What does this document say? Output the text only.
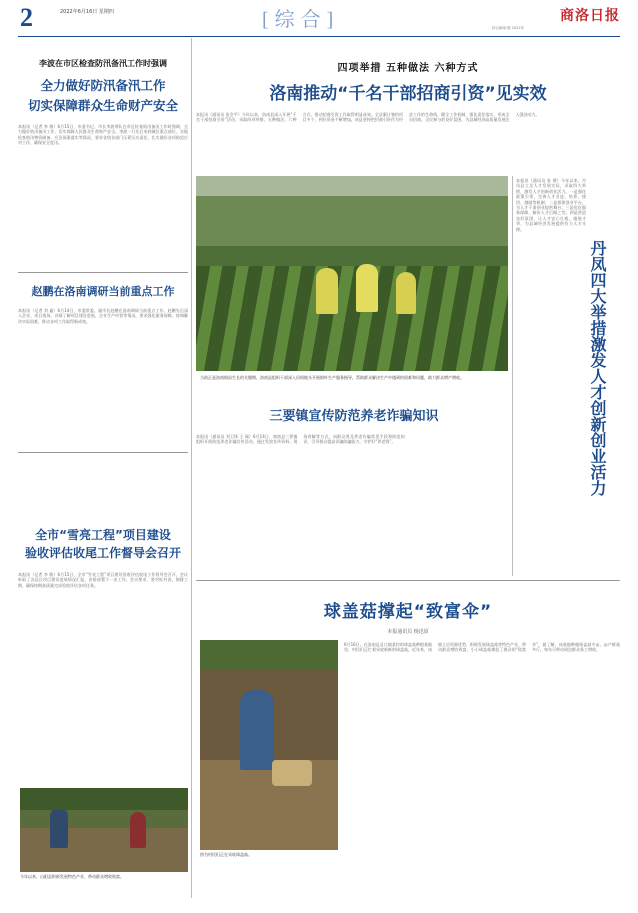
2	2022年6月16日 星期四
　　　　　　　　　　　　　　　　　　　　	[综合]	综合新闻·版 2022年
商洛日报
李波在市区检查防汛备汛工作时强调
全力做好防汛备汛工作
切实保障群众生命财产安全
本报讯（记者 李 敏）6月15日，市委书记、市长李波带队在市区检查防汛备汛工作时强调，全力做好防汛备汛工作，切实保障人民群众生命财产安全。李波一行先后来到城区重点部位，实地检查防汛物资储备、应急预案落实等情况，要求各级各部门压紧压实责任，扎实做好各项防范应对工作，确保安全度汛。
赵鹏在洛南调研当前重点工作
本报讯（记者 刘 鑫）6月14日，市委常委、副市长赵鹏在洛南调研当前重点工作。赵鹏先后深入企业、项目现场，详细了解项目建设进展、企业生产经营等情况，要求强化服务保障，协调解决实际困难，推动各项工作取得新成效。
全市“雪亮工程”项目建设
验收评估收尾工作督导会召开
本报讯（记者 李 敏）6月15日，全市“雪亮工程”项目建设验收评估收尾工作督导会召开，会议听取了各县区项目建设进展情况汇报，安排部署下一步工作。会议要求，要对标对表、倒排工期，确保按期高质量完成验收评估各项任务。
今年以来，山阳县积极发展特色产业，带动群众增收致富。
四项举措 五种做法 六种方式
洛南推动“千名干部招商引资”见实效
本报讯（通讯员 张会平）今年以来，洛南县深入开展“千名干部招商引资”活动，采取四项举措、五种做法、六种方式，推动招商引资工作取得明显成效。全县累计签约项目多个，到位资金不断增加。该县坚持把招商引资作为经济工作的生命线，健全工作机制，强化责任落实，形成全员招商、全民参与的良好氛围，为县域经济高质量发展注入强劲动力。
当前正是洛南烟苗生长的关键期，洛南县组织干部深入田间地头开展烟叶生产服务指导，帮助群众解决生产中遇到的困难和问题，助力群众增产增收。
本报讯（通讯员 张 赟）今年以来，丹凤县立足人才发展实际，采取四大举措，激发人才创新创业活力。一是强化政策引领，完善人才引进、培养、使用、激励等机制；二是搭建创业平台，为人才干事创业提供舞台；三是优化服务保障，解决人才后顾之忧；四是营造良好氛围，让人才安心扎根、施展才华，为县域经济发展提供有力人才支撑。
丹凤四大举措激发人才创新创业活力
三要镇宣传防范养老诈骗知识
本报讯（通讯员 刘卫锋 王 瑞）6月14日，商南县三要镇组织开展防范养老诈骗宣传活动，通过发放宣传资料、现场讲解等方式，向群众普及养老诈骗常见手段和防范知识，引导群众提高识骗防骗能力，守护好“养老钱”。
球盖菇撑起“致富伞”
本报通讯员 杨迅原
图为村民们正在采收球盖菇。
6月16日，在洛南县灵口镇某村的球盖菇种植基地里，村民们正忙着采收新鲜的球盖菇。近年来，该镇立足资源优势，积极发展球盖菇等特色产业，带动群众增收致富，小小球盖菇撑起了群众的“致富伞”。据了解，该基地种植球盖菇多亩，亩产鲜菇多斤，每年可带动周边群众务工增收。
